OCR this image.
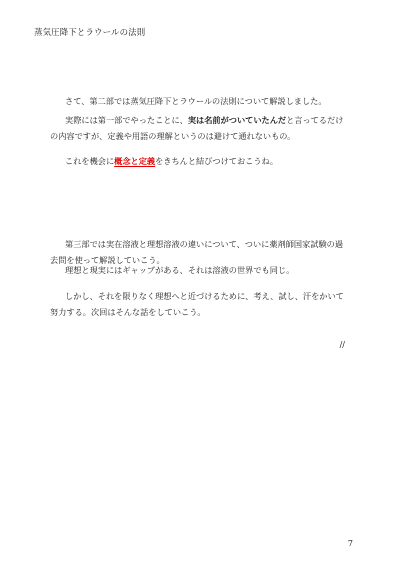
蒸気圧降下とラウールの法則

さて、第二部では蒸気圧降下とラウールの法則について解説しました。

実際には第一部でやったことに、実は名前がついていたんだと言ってるだけ
の内容ですが、定義や用語の理解というのは避けて通れないもの。

これを機会に概念と定義をきちんと結びつけておこうね。

第三部では実在溶液と理想溶液の違いについて、ついに薬剤師国家試験の過
去問を使って解説していこう。

理想と現実にはギャップがある、それは溶液の世界でも同じ。

しかし、それを限りなく理想へと近づけるために、考え、試し、汗をかいて
努力する。次回はそんな話をしていこう。

//
7
